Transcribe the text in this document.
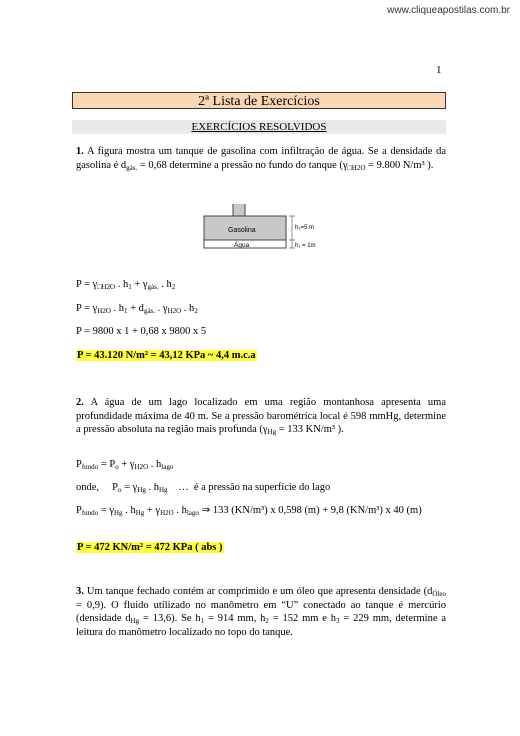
www.cliqueapostilas.com.br
1
2ª Lista de Exercícios
EXERCÍCIOS RESOLVIDOS
1. A figura mostra um tanque de gasolina com infiltração de água. Se a densidade da gasolina é $d_{gás.} = 0,68$ determine a pressão no fundo do tanque ($\gamma_{□H2O} = 9.800$ N/m³ ).
Gasolina
Água
h₂=5 m
h₁ = 1m
$P = \gamma_{□H2O}$ . $h_1 + \gamma_{gás.}$ . $h_2$
$P = \gamma_{H2O}$ . $h_1 + d_{gás.}$ . $\gamma_{H2O}$ . $h_2$
P = 9800 x 1 + 0,68 x 9800 x 5
P = 43.120 N/m² = 43,12 KPa ~ 4,4 m.c.a
2. A água de um lago localizado em uma região montanhosa apresenta uma profundidade máxima de 40 m. Se a pressão barométrica local é 598 mmHg, determine a pressão absoluta na região mais profunda ($\gamma_{Hg} = 133$ KN/m³ ).
$P_{fundo} = P_o + \gamma_{H2O}$ . $h_{lago}$
onde,     $P_o = \gamma_{Hg}$ . $h_{Hg}$    …  é a pressão na superfície do lago
$P_{fundo} = \gamma_{Hg}$ . $h_{Hg} + \gamma_{H2O}$ . $h_{lago}$ ⇒ 133 (KN/m³) x 0,598 (m) + 9,8 (KN/m³) x 40 (m)
P = 472 KN/m² = 472 KPa ( abs )
3. Um tanque fechado contém ar comprimido e um óleo que apresenta densidade $(d_{Óleo} = 0,9)$. O fluido utilizado no manômetro em “U” conectado ao tanque é mercúrio (densidade $d_{Hg} = 13,6$). Se $h_1 = 914$ mm, $h_2 = 152$ mm e $h_3 = 229$ mm, determine a leitura do manômetro localizado no topo do tanque.
